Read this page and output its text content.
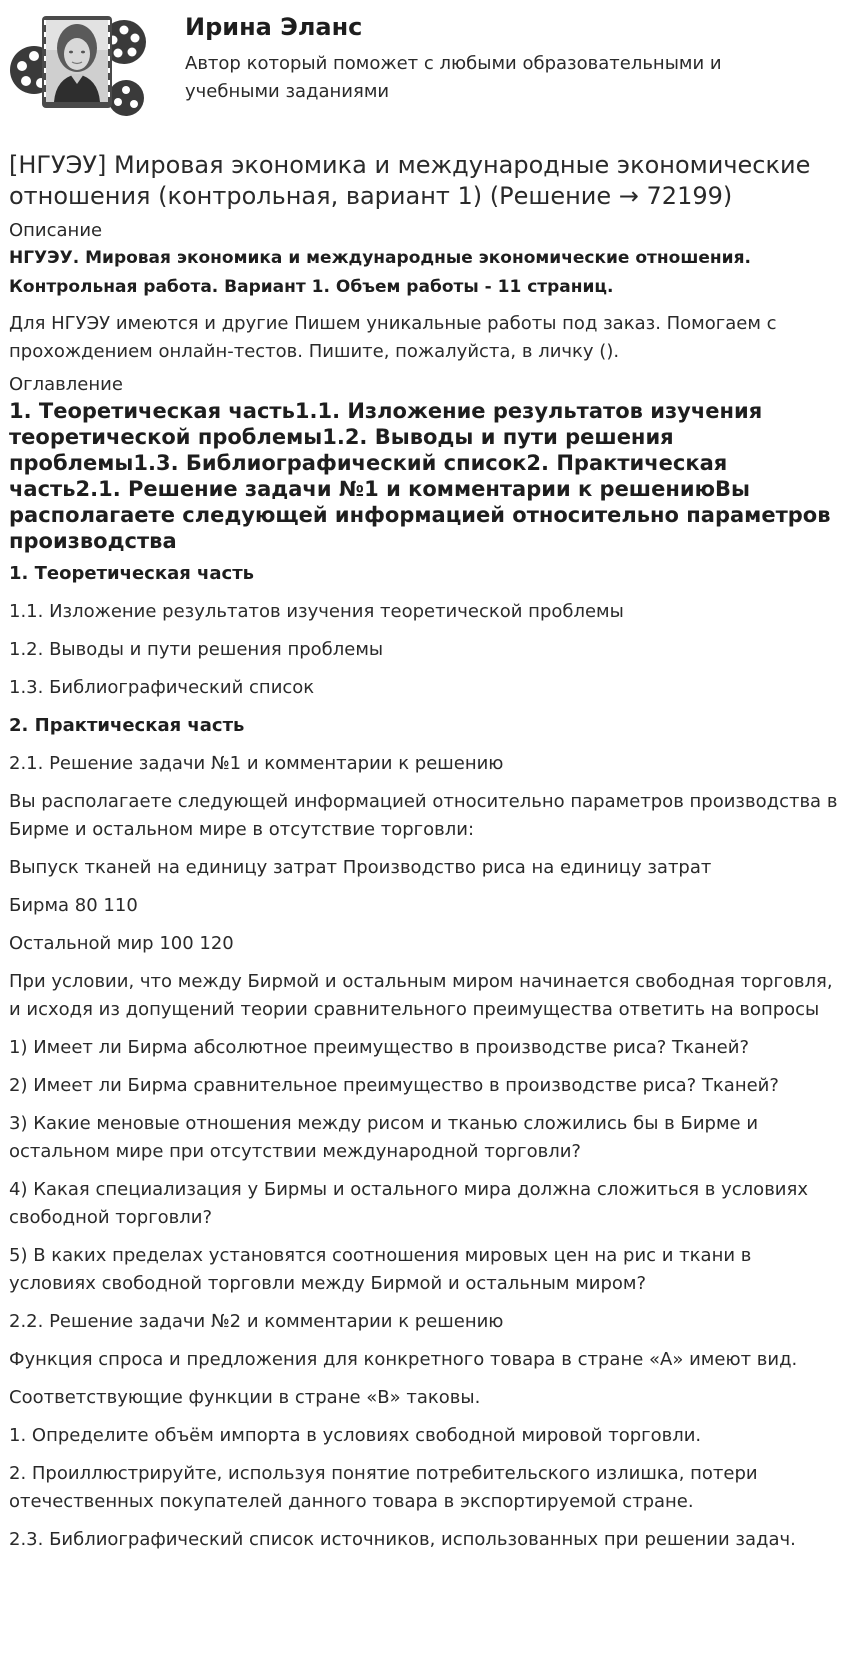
Ирина Эланс

Автор который поможет с любыми образовательными и учебными заданиями

[НГУЭУ] Мировая экономика и международные экономические отношения (контрольная, вариант 1) (Решение → 72199)
Описание

НГУЭУ. Мировая экономика и международные экономические отношения. Контрольная работа. Вариант 1. Объем работы - 11 страниц.

Для НГУЭУ имеются и другие Пишем уникальные работы под заказ. Помогаем с прохождением онлайн-тестов. Пишите, пожалуйста, в личку ().

Оглавление
1. Теоретическая часть1.1. Изложение результатов изучения теоретической проблемы1.2. Выводы и пути решения проблемы1.3. Библиографический список2. Практическая часть2.1. Решение задачи №1 и комментарии к решениюВы располагаете следующей информацией относительно параметров производства
1. Теоретическая часть
1.1. Изложение результатов изучения теоретической проблемы
1.2. Выводы и пути решения проблемы
1.3. Библиографический список
2. Практическая часть
2.1. Решение задачи №1 и комментарии к решению
Вы располагаете следующей информацией относительно параметров производства в Бирме и остальном мире в отсутствие торговли:
Выпуск тканей на единицу затрат Производство риса на единицу затрат
Бирма 80 110
Остальной мир 100 120
При условии, что между Бирмой и остальным миром начинается свободная торговля, и исходя из допущений теории сравнительного преимущества ответить на вопросы
1) Имеет ли Бирма абсолютное преимущество в производстве риса? Тканей?
2) Имеет ли Бирма сравнительное преимущество в производстве риса? Тканей?
3) Какие меновые отношения между рисом и тканью сложились бы в Бирме и остальном мире при отсутствии международной торговли?
4) Какая специализация у Бирмы и остального мира должна сложиться в условиях свободной торговли?
5) В каких пределах установятся соотношения мировых цен на рис и ткани в условиях свободной торговли между Бирмой и остальным миром?
2.2. Решение задачи №2 и комментарии к решению
Функция спроса и предложения для конкретного товара в стране «А» имеют вид.
Соответствующие функции в стране «В» таковы.
1. Определите объём импорта в условиях свободной мировой торговли.
2. Проиллюстрируйте, используя понятие потребительского излишка, потери отечественных покупателей данного товара в экспортируемой стране.
2.3. Библиографический список источников, использованных при решении задач.
